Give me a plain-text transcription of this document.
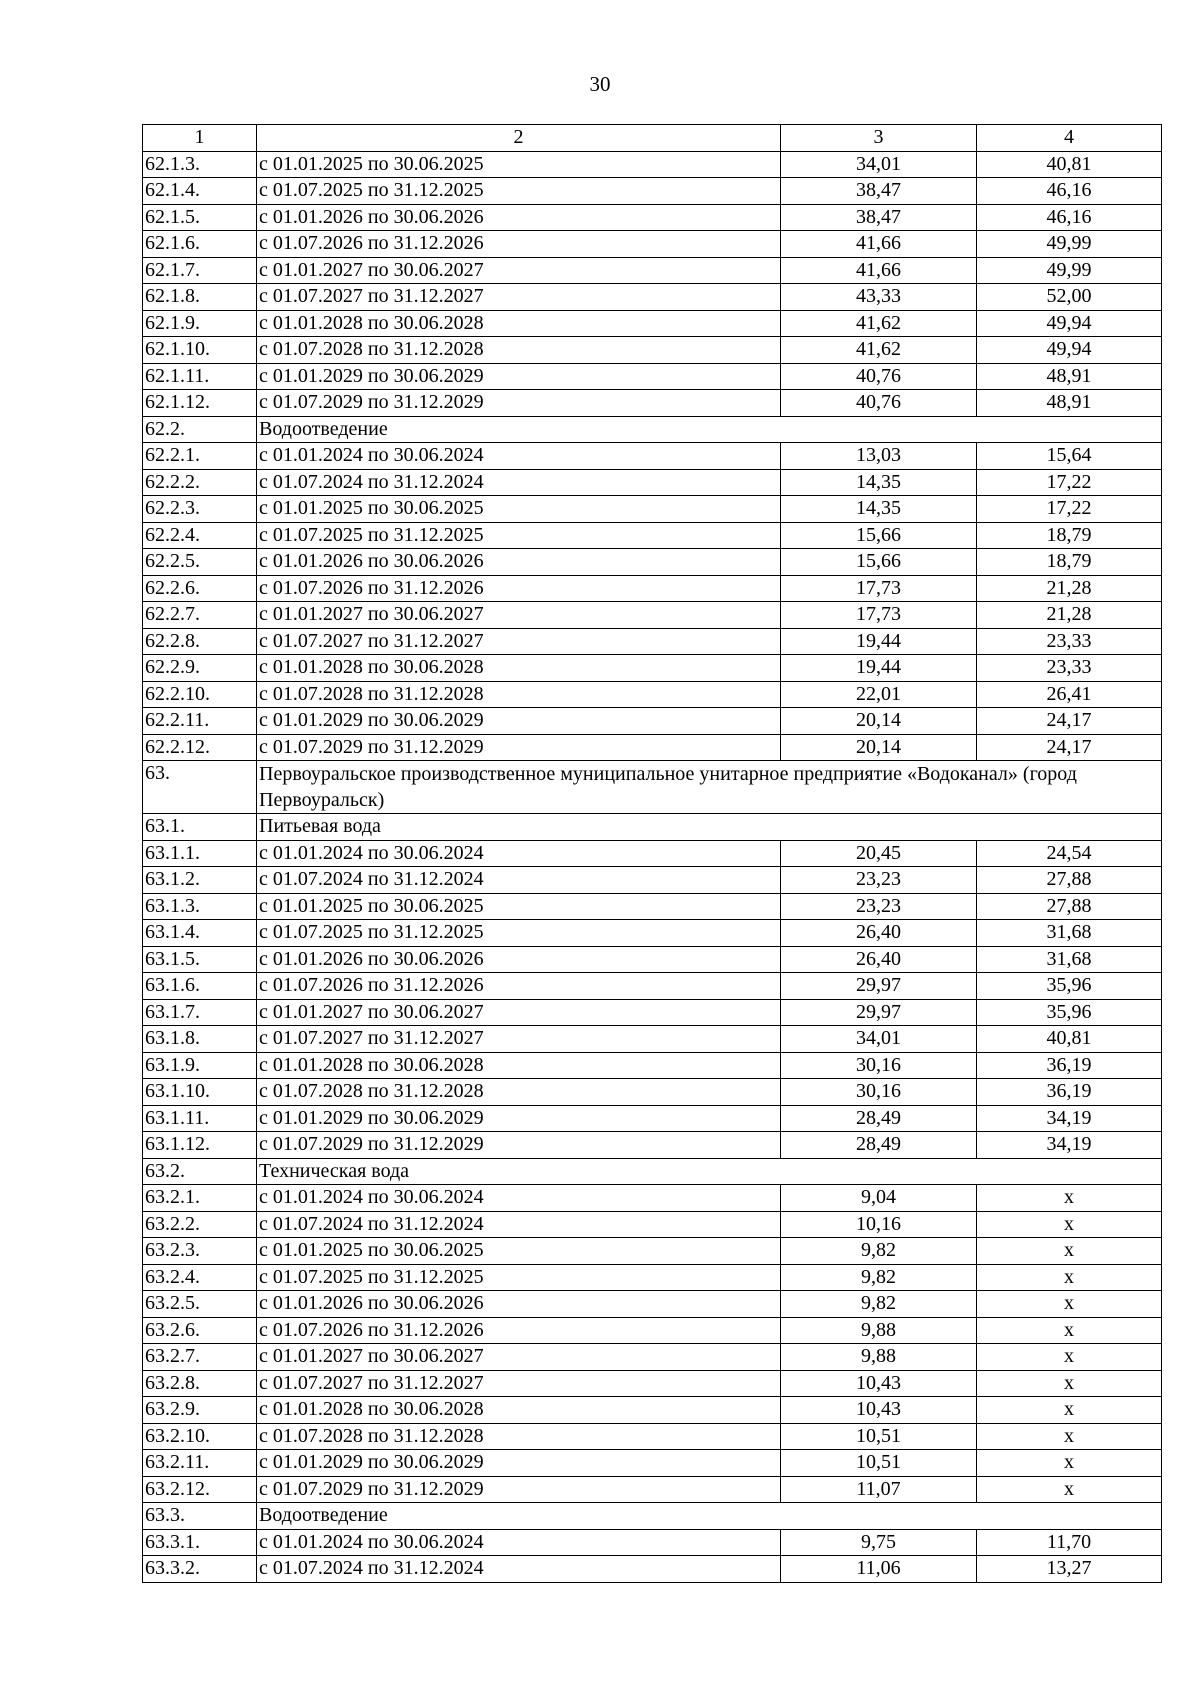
30
1	2	3	4
62.1.3.	с 01.01.2025 по 30.06.2025	34,01	40,81
62.1.4.	с 01.07.2025 по 31.12.2025	38,47	46,16
62.1.5.	с 01.01.2026 по 30.06.2026	38,47	46,16
62.1.6.	с 01.07.2026 по 31.12.2026	41,66	49,99
62.1.7.	с 01.01.2027 по 30.06.2027	41,66	49,99
62.1.8.	с 01.07.2027 по 31.12.2027	43,33	52,00
62.1.9.	с 01.01.2028 по 30.06.2028	41,62	49,94
62.1.10.	с 01.07.2028 по 31.12.2028	41,62	49,94
62.1.11.	с 01.01.2029 по 30.06.2029	40,76	48,91
62.1.12.	с 01.07.2029 по 31.12.2029	40,76	48,91
62.2.	Водоотведение		
62.2.1.	с 01.01.2024 по 30.06.2024	13,03	15,64
62.2.2.	с 01.07.2024 по 31.12.2024	14,35	17,22
62.2.3.	с 01.01.2025 по 30.06.2025	14,35	17,22
62.2.4.	с 01.07.2025 по 31.12.2025	15,66	18,79
62.2.5.	с 01.01.2026 по 30.06.2026	15,66	18,79
62.2.6.	с 01.07.2026 по 31.12.2026	17,73	21,28
62.2.7.	с 01.01.2027 по 30.06.2027	17,73	21,28
62.2.8.	с 01.07.2027 по 31.12.2027	19,44	23,33
62.2.9.	с 01.01.2028 по 30.06.2028	19,44	23,33
62.2.10.	с 01.07.2028 по 31.12.2028	22,01	26,41
62.2.11.	с 01.01.2029 по 30.06.2029	20,14	24,17
62.2.12.	с 01.07.2029 по 31.12.2029	20,14	24,17
63.	Первоуральское производственное муниципальное унитарное предприятие «Водоканал» (город Первоуральск)		
63.1.	Питьевая вода		
63.1.1.	с 01.01.2024 по 30.06.2024	20,45	24,54
63.1.2.	с 01.07.2024 по 31.12.2024	23,23	27,88
63.1.3.	с 01.01.2025 по 30.06.2025	23,23	27,88
63.1.4.	с 01.07.2025 по 31.12.2025	26,40	31,68
63.1.5.	с 01.01.2026 по 30.06.2026	26,40	31,68
63.1.6.	с 01.07.2026 по 31.12.2026	29,97	35,96
63.1.7.	с 01.01.2027 по 30.06.2027	29,97	35,96
63.1.8.	с 01.07.2027 по 31.12.2027	34,01	40,81
63.1.9.	с 01.01.2028 по 30.06.2028	30,16	36,19
63.1.10.	с 01.07.2028 по 31.12.2028	30,16	36,19
63.1.11.	с 01.01.2029 по 30.06.2029	28,49	34,19
63.1.12.	с 01.07.2029 по 31.12.2029	28,49	34,19
63.2.	Техническая вода		
63.2.1.	с 01.01.2024 по 30.06.2024	9,04	х
63.2.2.	с 01.07.2024 по 31.12.2024	10,16	х
63.2.3.	с 01.01.2025 по 30.06.2025	9,82	х
63.2.4.	с 01.07.2025 по 31.12.2025	9,82	х
63.2.5.	с 01.01.2026 по 30.06.2026	9,82	х
63.2.6.	с 01.07.2026 по 31.12.2026	9,88	х
63.2.7.	с 01.01.2027 по 30.06.2027	9,88	х
63.2.8.	с 01.07.2027 по 31.12.2027	10,43	х
63.2.9.	с 01.01.2028 по 30.06.2028	10,43	х
63.2.10.	с 01.07.2028 по 31.12.2028	10,51	х
63.2.11.	с 01.01.2029 по 30.06.2029	10,51	х
63.2.12.	с 01.07.2029 по 31.12.2029	11,07	х
63.3.	Водоотведение		
63.3.1.	с 01.01.2024 по 30.06.2024	9,75	11,70
63.3.2.	с 01.07.2024 по 31.12.2024	11,06	13,27
